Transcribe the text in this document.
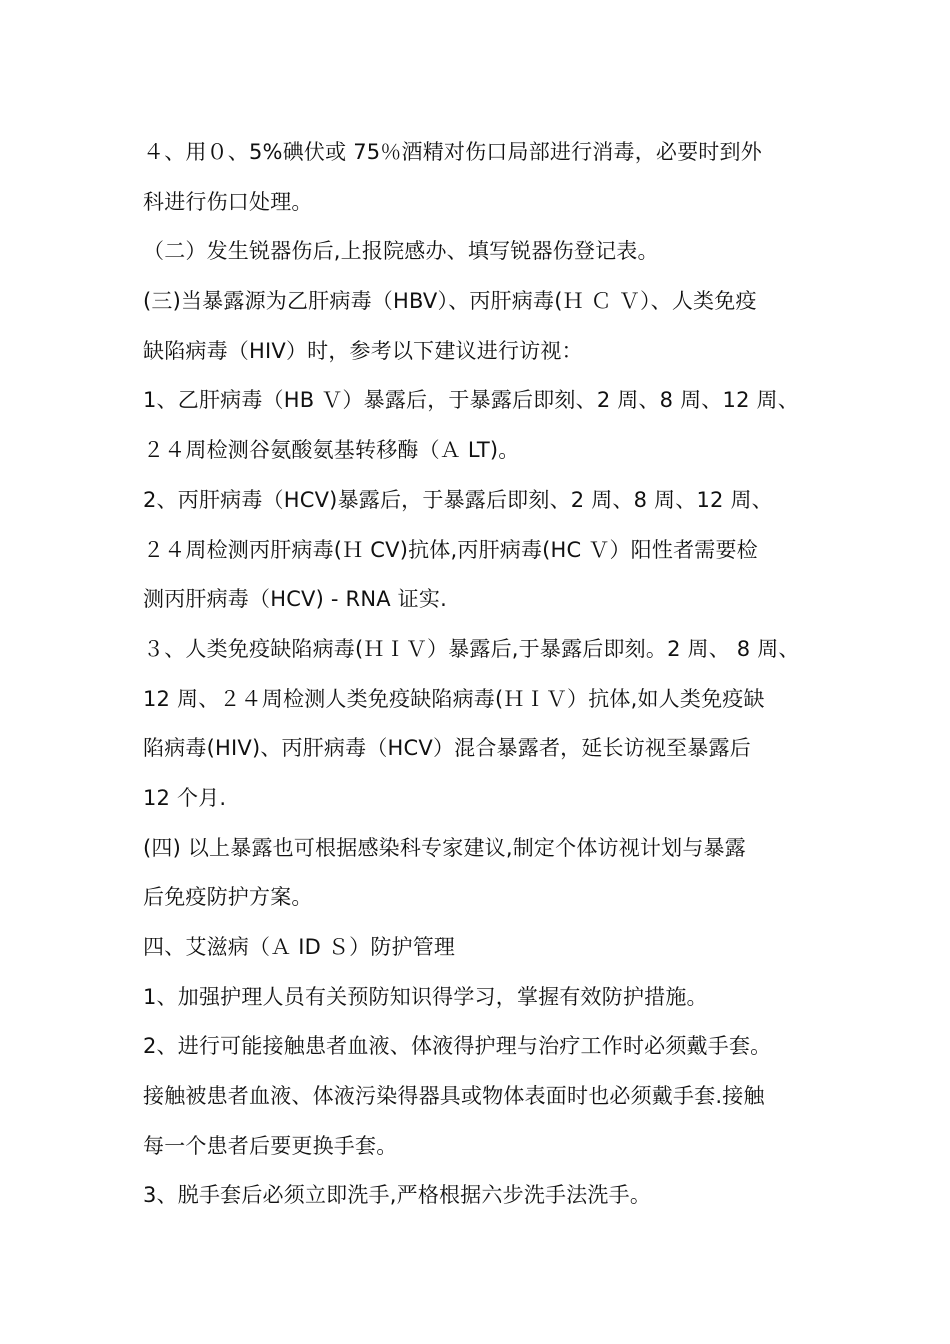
４、用０、5%碘伏或 75％酒精对伤口局部进行消毒，必要时到外
科进行伤口处理。
（二）发生锐器伤后,上报院感办、填写锐器伤登记表。
(三)当暴露源为乙肝病毒（HBV）、丙肝病毒(Ｈ Ｃ Ｖ）、人类免疫
缺陷病毒（HIV）时，参考以下建议进行访视：
1、乙肝病毒（HB Ｖ）暴露后，于暴露后即刻、2 周、8 周、12 周、
２４周检测谷氨酸氨基转移酶（Ａ LT)。
2、丙肝病毒（HCV)暴露后，于暴露后即刻、2 周、8 周、12 周、
２４周检测丙肝病毒(Ｈ CV)抗体,丙肝病毒(HC Ｖ）阳性者需要检
测丙肝病毒（HCV) - RNA 证实.
３、人类免疫缺陷病毒(ＨＩＶ）暴露后,于暴露后即刻。2 周、 8 周、
12 周、２４周检测人类免疫缺陷病毒(ＨＩＶ）抗体,如人类免疫缺
陷病毒(HIV)、丙肝病毒（HCV）混合暴露者，延长访视至暴露后
12 个月.
(四) 以上暴露也可根据感染科专家建议,制定个体访视计划与暴露
后免疫防护方案。
四、艾滋病（Ａ ID Ｓ）防护管理
1、加强护理人员有关预防知识得学习，掌握有效防护措施。
2、进行可能接触患者血液、体液得护理与治疗工作时必须戴手套。
接触被患者血液、体液污染得器具或物体表面时也必须戴手套.接触
每一个患者后要更换手套。
3、脱手套后必须立即洗手,严格根据六步洗手法洗手。
